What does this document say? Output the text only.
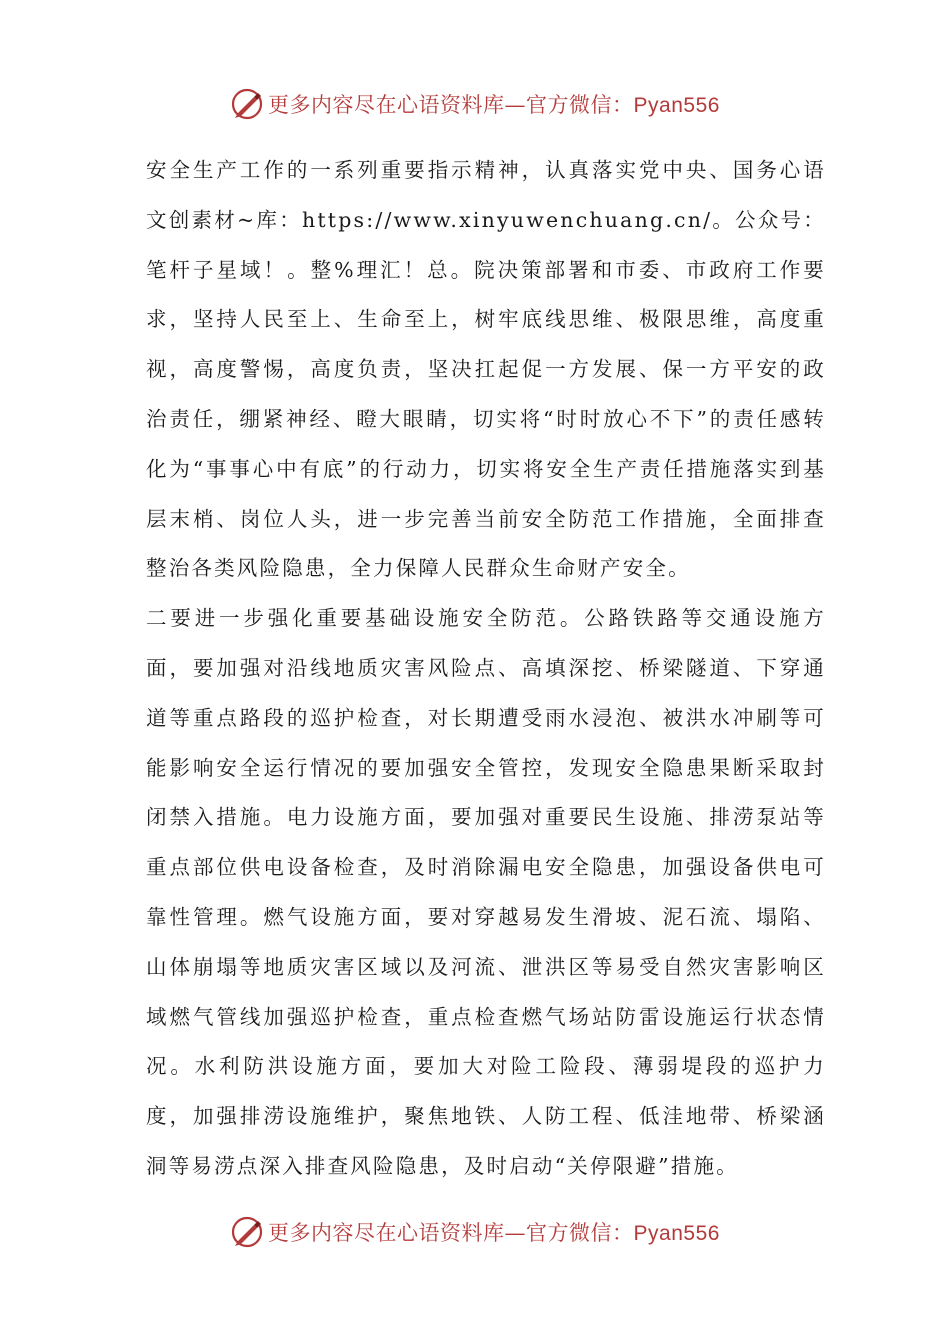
更多内容尽在心语资料库—官方微信：Pyan556

安全生产工作的一系列重要指示精神，认真落实党中央、国务心语文创素材~库：https://www.xinyuwenchuang.cn/。公众号：笔杆子星域！。整%理汇！总。院决策部署和市委、市政府工作要求，坚持人民至上、生命至上，树牢底线思维、极限思维，高度重视，高度警惕，高度负责，坚决扛起促一方发展、保一方平安的政治责任，绷紧神经、瞪大眼睛，切实将“时时放心不下”的责任感转化为“事事心中有底”的行动力，切实将安全生产责任措施落实到基层末梢、岗位人头，进一步完善当前安全防范工作措施，全面排查整治各类风险隐患，全力保障人民群众生命财产安全。

二要进一步强化重要基础设施安全防范。公路铁路等交通设施方面，要加强对沿线地质灾害风险点、高填深挖、桥梁隧道、下穿通道等重点路段的巡护检查，对长期遭受雨水浸泡、被洪水冲刷等可能影响安全运行情况的要加强安全管控，发现安全隐患果断采取封闭禁入措施。电力设施方面，要加强对重要民生设施、排涝泵站等重点部位供电设备检查，及时消除漏电安全隐患，加强设备供电可靠性管理。燃气设施方面，要对穿越易发生滑坡、泥石流、塌陷、山体崩塌等地质灾害区域以及河流、泄洪区等易受自然灾害影响区域燃气管线加强巡护检查，重点检查燃气场站防雷设施运行状态情况。水利防洪设施方面，要加大对险工险段、薄弱堤段的巡护力度，加强排涝设施维护，聚焦地铁、人防工程、低洼地带、桥梁涵洞等易涝点深入排查风险隐患，及时启动“关停限避”措施。

更多内容尽在心语资料库—官方微信：Pyan556
